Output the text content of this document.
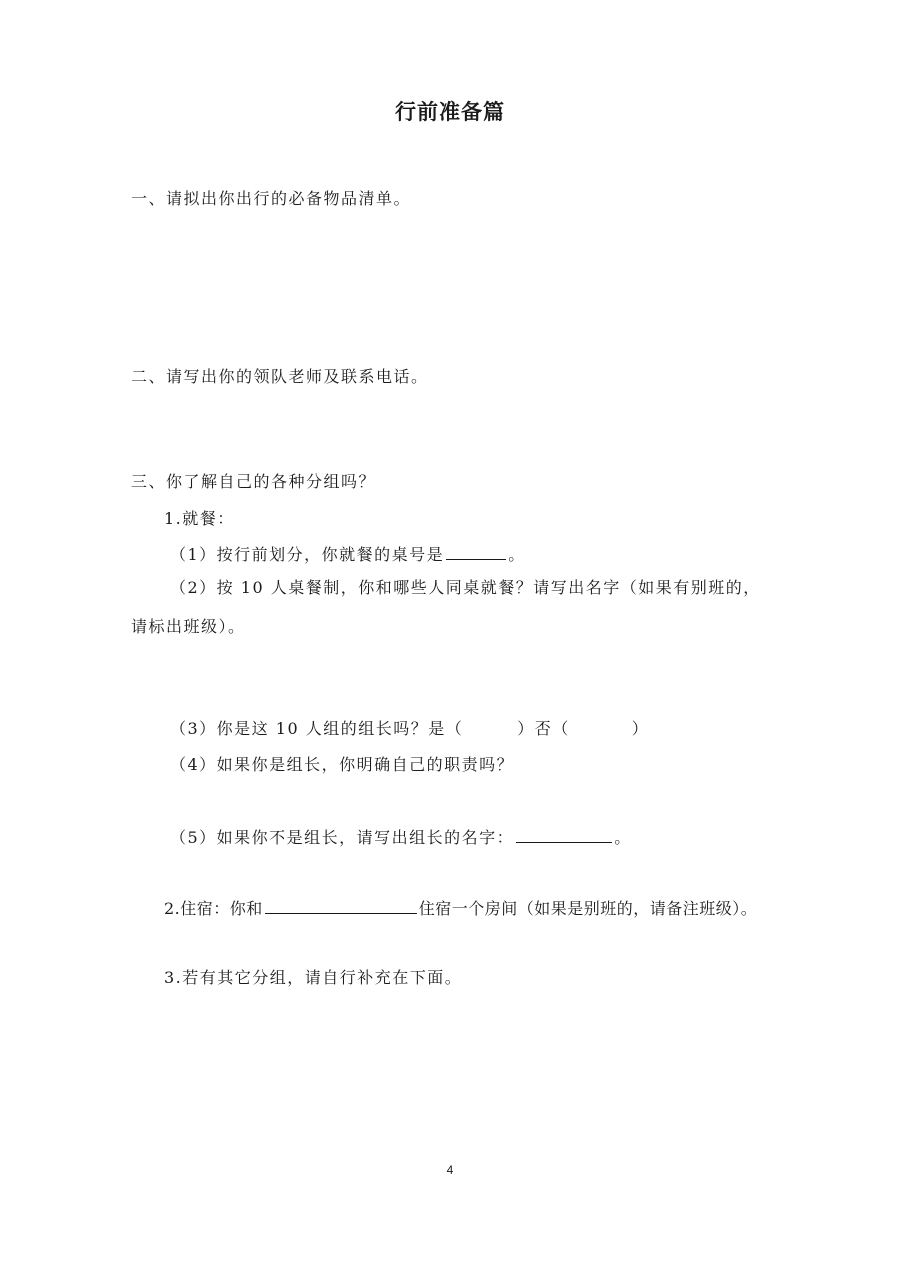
行前准备篇
一、请拟出你出行的必备物品清单。
二、请写出你的领队老师及联系电话。
三、你了解自己的各种分组吗？
1.就餐：
（1）按行前划分，你就餐的桌号是	。
（2）按 10 人桌餐制，你和哪些人同桌就餐？请写出名字（如果有别班的，
请标出班级）。
（3）你是这 10 人组的组长吗？是（	）否（	）
（4）如果你是组长，你明确自己的职责吗？
（5）如果你不是组长，请写出组长的名字：	。
2.住宿：你和	住宿一个房间（如果是别班的，请备注班级）。
3.若有其它分组，请自行补充在下面。
4
